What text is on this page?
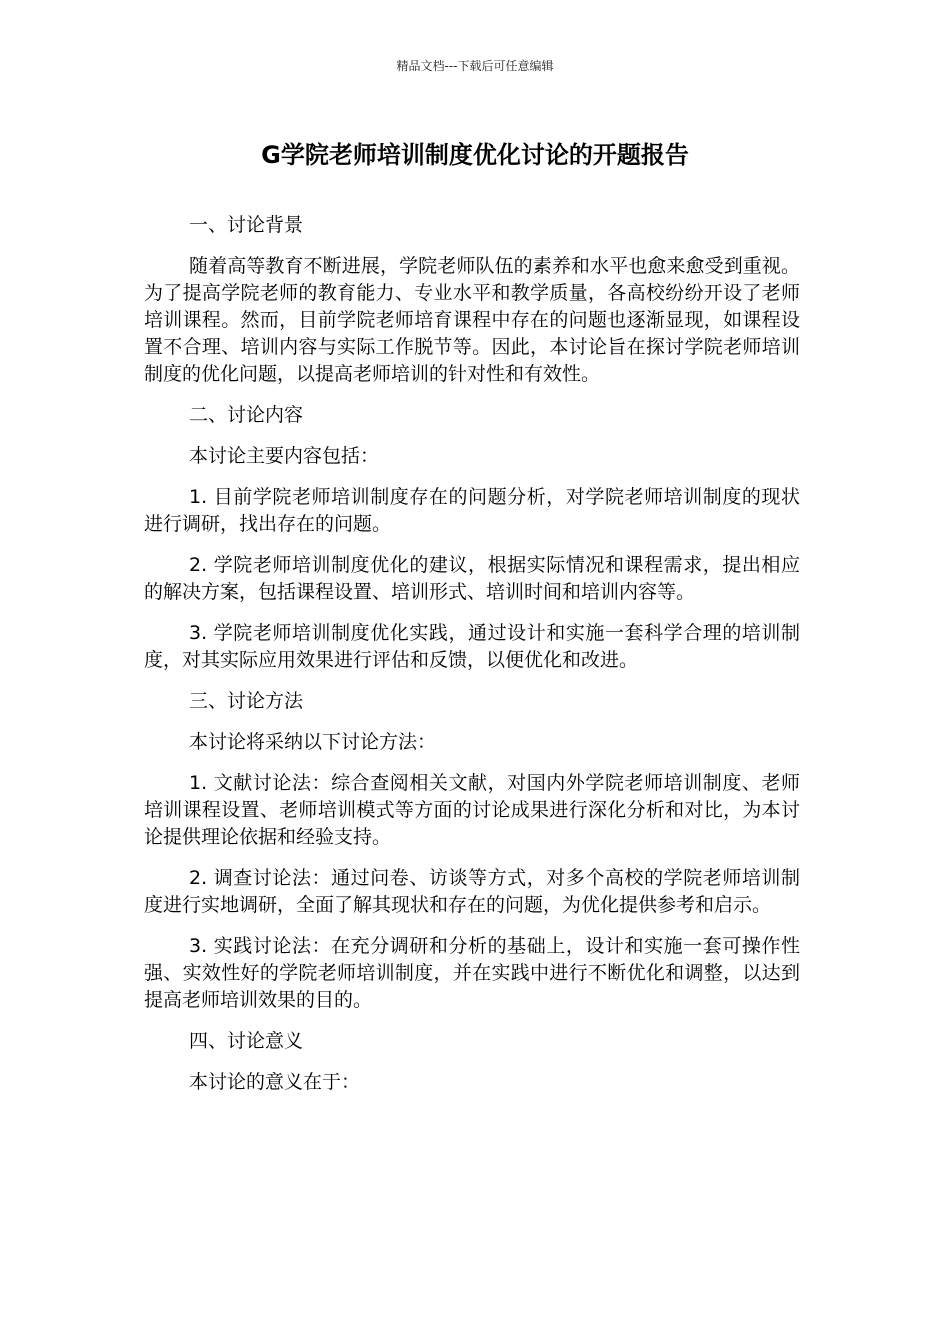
精品文档---下载后可任意编辑
G学院老师培训制度优化讨论的开题报告

一、讨论背景

随着高等教育不断进展，学院老师队伍的素养和水平也愈来愈受到重视。为了提高学院老师的教育能力、专业水平和教学质量，各高校纷纷开设了老师培训课程。然而，目前学院老师培育课程中存在的问题也逐渐显现，如课程设置不合理、培训内容与实际工作脱节等。因此，本讨论旨在探讨学院老师培训制度的优化问题，以提高老师培训的针对性和有效性。

二、讨论内容

本讨论主要内容包括：

1. 目前学院老师培训制度存在的问题分析，对学院老师培训制度的现状进行调研，找出存在的问题。

2. 学院老师培训制度优化的建议，根据实际情况和课程需求，提出相应的解决方案，包括课程设置、培训形式、培训时间和培训内容等。

3. 学院老师培训制度优化实践，通过设计和实施一套科学合理的培训制度，对其实际应用效果进行评估和反馈，以便优化和改进。

三、讨论方法

本讨论将采纳以下讨论方法：

1. 文献讨论法：综合查阅相关文献，对国内外学院老师培训制度、老师培训课程设置、老师培训模式等方面的讨论成果进行深化分析和对比，为本讨论提供理论依据和经验支持。

2. 调查讨论法：通过问卷、访谈等方式，对多个高校的学院老师培训制度进行实地调研，全面了解其现状和存在的问题，为优化提供参考和启示。

3. 实践讨论法：在充分调研和分析的基础上，设计和实施一套可操作性强、实效性好的学院老师培训制度，并在实践中进行不断优化和调整，以达到提高老师培训效果的目的。

四、讨论意义

本讨论的意义在于：
